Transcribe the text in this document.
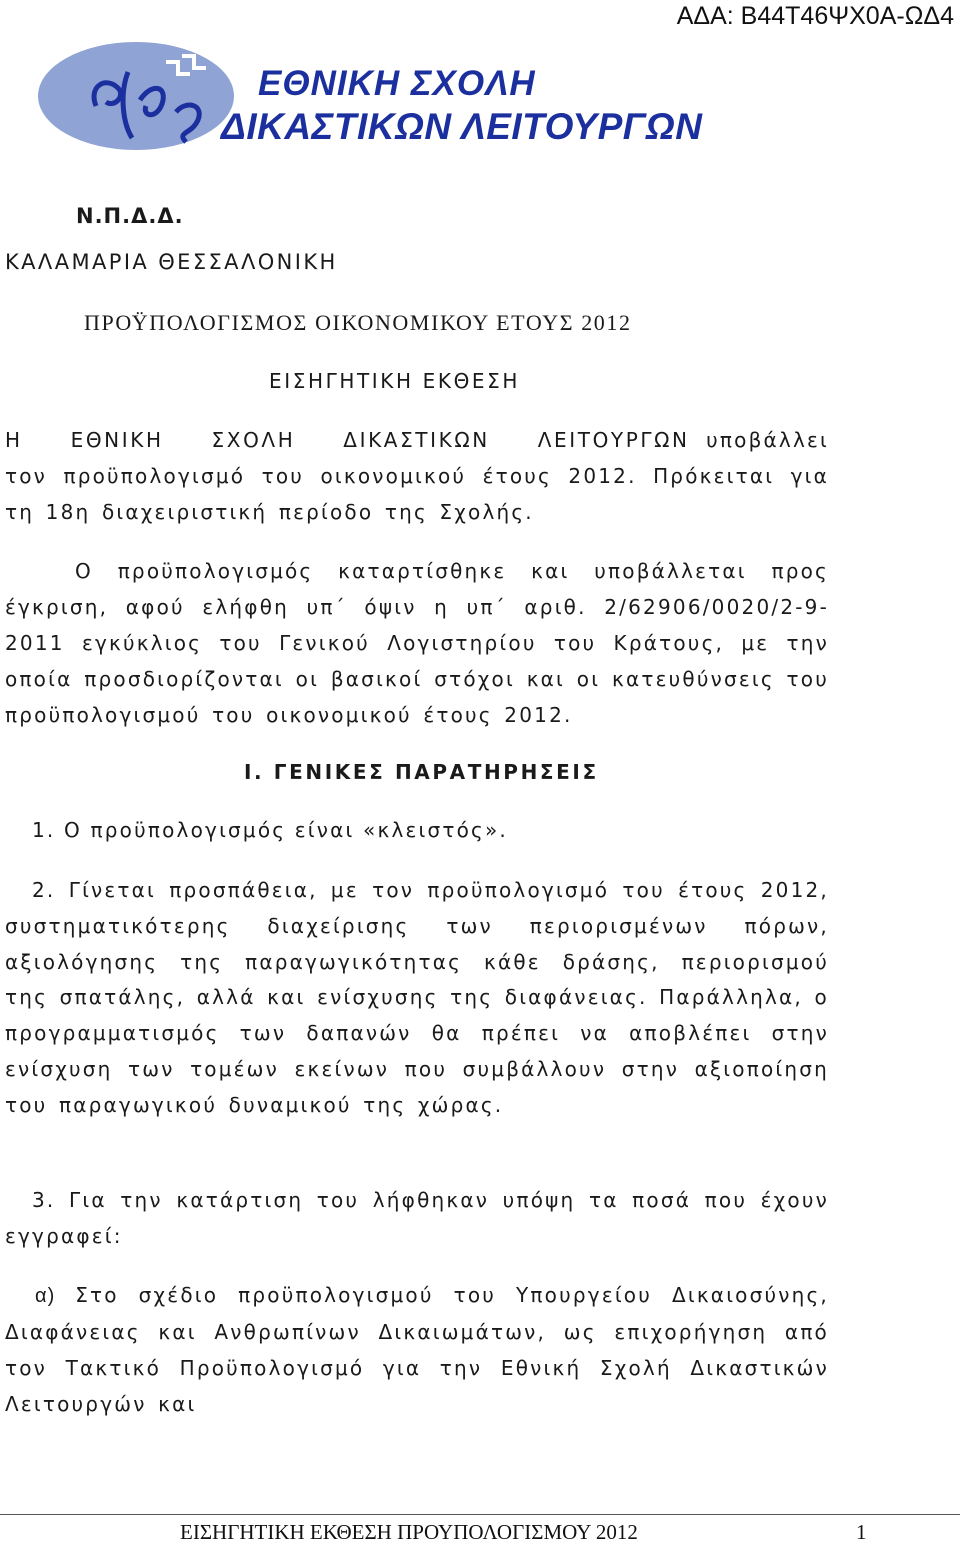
ΑΔΑ: Β44Τ46ΨΧ0Α-ΩΔ4
ΕΘΝΙΚΗ ΣΧΟΛΗ
ΔΙΚΑΣΤΙΚΩΝ ΛΕΙΤΟΥΡΓΩΝ
Ν.Π.Δ.Δ.
ΚΑΛΑΜΑΡΙΑ ΘΕΣΣΑΛΟΝΙΚΗ
ΠΡΟΫΠΟΛΟΓΙΣΜΟΣ ΟΙΚΟΝΟΜΙΚΟΥ ΕΤΟΥΣ 2012
ΕΙΣΗΓΗΤΙΚΗ ΕΚΘΕΣΗ
Η ΕΘΝΙΚΗ ΣΧΟΛΗ ΔΙΚΑΣΤΙΚΩΝ ΛΕΙΤΟΥΡΓΩΝ υποβάλλει τον προϋπολογισμό του οικονομικού έτους 2012. Πρόκειται για τη 18η διαχειριστική περίοδο της Σχολής.
Ο προϋπολογισμός καταρτίσθηκε και υποβάλλεται προς έγκριση, αφού ελήφθη υπ΄ όψιν η υπ΄ αριθ. 2/62906/0020/2-9-2011 εγκύκλιος του Γενικού Λογιστηρίου του Κράτους, με την οποία προσδιορίζονται οι βασικοί στόχοι και οι κατευθύνσεις του προϋπολογισμού του οικονομικού έτους 2012.
Ι. ΓΕΝΙΚΕΣ ΠΑΡΑΤΗΡΗΣΕΙΣ
1. Ο προϋπολογισμός είναι «κλειστός».
2. Γίνεται προσπάθεια, με τον προϋπολογισμό του έτους 2012, συστηματικότερης διαχείρισης των περιορισμένων πόρων, αξιολόγησης της παραγωγικότητας κάθε δράσης, περιορισμού της σπατάλης, αλλά και ενίσχυσης της διαφάνειας. Παράλληλα, ο προγραμματισμός των δαπανών θα πρέπει να αποβλέπει στην ενίσχυση των τομέων εκείνων που συμβάλλουν στην αξιοποίηση του παραγωγικού δυναμικού της χώρας.
3. Για την κατάρτιση του λήφθηκαν υπόψη τα ποσά που έχουν εγγραφεί:
α) Στο σχέδιο προϋπολογισμού του Υπουργείου Δικαιοσύνης, Διαφάνειας και Ανθρωπίνων Δικαιωμάτων, ως επιχορήγηση από τον Τακτικό Προϋπολογισμό για την Εθνική Σχολή Δικαστικών Λειτουργών και
ΕΙΣΗΓΗΤΙΚΗ ΕΚΘΕΣΗ ΠΡΟΥΠΟΛΟΓΙΣΜΟΥ 2012	1
